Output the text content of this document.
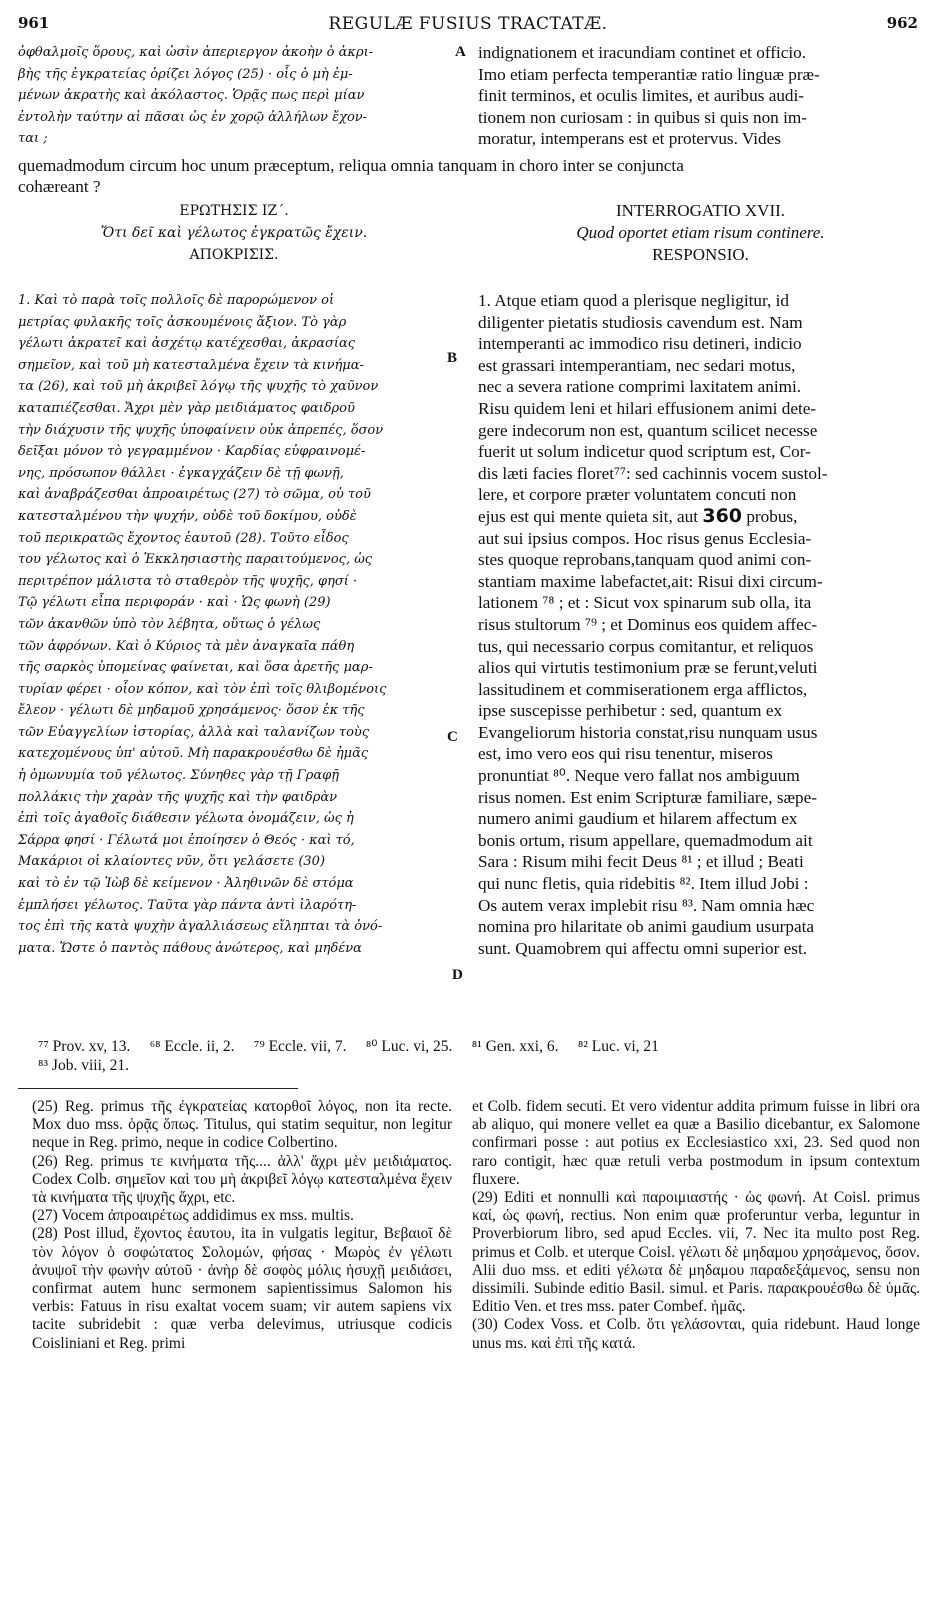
961	REGULÆ FUSIUS TRACTATÆ.	962
ὀφθαλμοῖς ὅρους, καὶ ὠσὶν ἀπεριεργον ἀκοὴν ὁ ἀκρι-
βὴς τῆς ἐγκρατείας ὁρίζει λόγος (25) · οἷς ὁ μὴ ἐμ-
μένων ἀκρατὴς καὶ ἀκόλαστος. Ὁρᾷς πως περὶ μίαν
ἐντολὴν ταύτην αἱ πᾶσαι ὡς ἐν χορῷ ἀλλήλων ἔχον-
ται ;
indignationem et iracundiam continet et officio.
Imo etiam perfecta temperantiæ ratio linguæ præ-
finit terminos, et oculis limites, et auribus audi-
tionem non curiosam : in quibus si quis non im-
moratur, intemperans est et protervus. Vides
A
quemadmodum circum hoc unum præceptum, reliqua omnia tanquam in choro inter se conjuncta
cohæreant ?
ΕΡΩΤΗΣΙΣ ΙΖ΄.
Ὅτι δεῖ καὶ γέλωτος ἐγκρατῶς ἔχειν.
ΑΠΟΚΡΙΣΙΣ.
INTERROGATIO XVII.
Quod oportet etiam risum continere.
RESPONSIO.
1. Καὶ τὸ παρὰ τοῖς πολλοῖς δὲ παρορώμενον οἱ
μετρίας φυλακῆς τοῖς ἀσκουμένοις ἄξιον. Τὸ γὰρ
γέλωτι ἀκρατεῖ καὶ ἀσχέτῳ κατέχεσθαι, ἀκρασίας
σημεῖον, καὶ τοῦ μὴ κατεσταλμένα ἔχειν τὰ κινήμα-
τα (26), καὶ τοῦ μὴ ἀκριβεῖ λόγῳ τῆς ψυχῆς τὸ χαῦνον
καταπιέζεσθαι. Ἄχρι μὲν γὰρ μειδιάματος φαιδροῦ
τὴν διάχυσιν τῆς ψυχῆς ὑποφαίνειν οὐκ ἀπρεπές, ὅσον
δεῖξαι μόνον τὸ γεγραμμένον · Καρδίας εὐφραινομέ-
νης, πρόσωπον θάλλει · ἐγκαγχάζειν δὲ τῇ φωνῇ,
καὶ ἀναβράζεσθαι ἀπροαιρέτως (27) τὸ σῶμα, οὐ τοῦ
κατεσταλμένου τὴν ψυχήν, οὐδὲ τοῦ δοκίμου, οὐδὲ
τοῦ περικρατῶς ἔχοντος ἑαυτοῦ (28). Τοῦτο εἶδος
του γέλωτος καὶ ὁ Ἐκκλησιαστὴς παραιτούμενος, ὡς
περιτρέπον μάλιστα τὸ σταθερὸν τῆς ψυχῆς, φησί ·
Τῷ γέλωτι εἶπα περιφοράν · καὶ · Ὡς φωνὴ (29)
τῶν ἀκανθῶν ὑπὸ τὸν λέβητα, οὕτως ὁ γέλως
τῶν ἀφρόνων. Καὶ ὁ Κύριος τὰ μὲν ἀναγκαῖα πάθη
τῆς σαρκὸς ὑπομείνας φαίνεται, καὶ ὅσα ἀρετῆς μαρ-
τυρίαν φέρει · οἷον κόπον, καὶ τὸν ἐπὶ τοῖς θλιβομένοις
ἔλεον · γέλωτι δὲ μηδαμοῦ χρησάμενος· ὅσον ἐκ τῆς
τῶν Εὐαγγελίων ἱστορίας, ἀλλὰ καὶ ταλανίζων τοὺς
κατεχομένους ὑπ' αὐτοῦ. Μὴ παρακρουέσθω δὲ ἡμᾶς
ἡ ὁμωνυμία τοῦ γέλωτος. Σύνηθες γὰρ τῇ Γραφῇ
πολλάκις τὴν χαρὰν τῆς ψυχῆς καὶ τὴν φαιδρὰν
ἐπὶ τοῖς ἀγαθοῖς διάθεσιν γέλωτα ὀνομάζειν, ὡς ἡ
Σάρρα φησί · Γέλωτά μοι ἐποίησεν ὁ Θεός · καὶ τό,
Μακάριοι οἱ κλαίοντες νῦν, ὅτι γελάσετε (30)
καὶ τὸ ἐν τῷ Ἰὼβ δὲ κείμενον · Ἀληθινῶν δὲ στόμα
ἐμπλήσει γέλωτος. Ταῦτα γὰρ πάντα ἀντὶ ἱλαρότη-
τος ἐπὶ τῆς κατὰ ψυχὴν ἀγαλλιάσεως εἴληπται τὰ ὀνό-
ματα. Ὥστε ὁ παντὸς πάθους ἀνώτερος, καὶ μηδένα
1. Atque etiam quod a plerisque negligitur, id
diligenter pietatis studiosis cavendum est. Nam
intemperanti ac immodico risu detineri, indicio
est grassari intemperantiam, nec sedari motus,
nec a severa ratione comprimi laxitatem animi.
Risu quidem leni et hilari effusionem animi dete-
gere indecorum non est, quantum scilicet necesse
fuerit ut solum indicetur quod scriptum est, Cor-
dis læti facies floret⁷⁷: sed cachinnis vocem sustol-
lere, et corpore præter voluntatem concuti non
ejus est qui mente quieta sit, aut 360 probus,
aut sui ipsius compos. Hoc risus genus Ecclesia-
stes quoque reprobans,tanquam quod animi con-
stantiam maxime labefactet,ait: Risui dixi circum-
lationem ⁷⁸ ; et : Sicut vox spinarum sub olla, ita
risus stultorum ⁷⁹ ; et Dominus eos quidem affec-
tus, qui necessario corpus comitantur, et reliquos
alios qui virtutis testimonium præ se ferunt,veluti
lassitudinem et commiserationem erga afflictos,
ipse suscepisse perhibetur : sed, quantum ex
Evangeliorum historia constat,risu nunquam usus
est, imo vero eos qui risu tenentur, miseros
pronuntiat ⁸⁰. Neque vero fallat nos ambiguum
risus nomen. Est enim Scripturæ familiare, sæpe-
numero animi gaudium et hilarem affectum ex
bonis ortum, risum appellare, quemadmodum ait
Sara : Risum mihi fecit Deus ⁸¹ ; et illud ; Beati
qui nunc fletis, quia ridebitis ⁸². Item illud Jobi :
Os autem verax implebit risu ⁸³. Nam omnia hæc
nomina pro hilaritate ob animi gaudium usurpata
sunt. Quamobrem qui affectu omni superior est.
B
C
D
⁷⁷ Prov. xv, 13.     ⁶⁸ Eccle. ii, 2.     ⁷⁹ Eccle. vii, 7.     ⁸⁰ Luc. vi, 25.     ⁸¹ Gen. xxi, 6.     ⁸² Luc. vi, 21
⁸³ Job. viii, 21.

(25) Reg. primus τῆς ἐγκρατείας κατορθοῖ λόγος, non ita recte. Mox duo mss. ὁρᾷς ὅπως. Titulus, qui statim sequitur, non legitur neque in Reg. primo, neque in codice Colbertino.

(26) Reg. primus τε κινήματα τῆς.... ἀλλ' ἄχρι μὲν μειδιάματος. Codex Colb. σημεῖον καὶ του μὴ ἀκριβεῖ λόγῳ κατεσταλμένα ἔχειν τὰ κινήματα τῆς ψυχῆς ἄχρι, etc.

(27) Vocem ἀπροαιρέτως addidimus ex mss. multis.

(28) Post illud, ἔχοντος ἑαυτου, ita in vulgatis legitur, Βεβαιοῖ δὲ τὸν λόγον ὁ σοφώτατος Σολομών, φήσας · Μωρὸς ἐν γέλωτι ἀνυψοῖ τὴν φωνὴν αὐτοῦ · ἀνὴρ δὲ σοφὸς μόλις ἡσυχῇ μειδιάσει, confirmat autem hunc sermonem sapientissimus Salomon his verbis: Fatuus in risu exaltat vocem suam; vir autem sapiens vix tacite subridebit : quæ verba delevimus, utriusque codicis Coisliniani et Reg. primi

et Colb. fidem secuti. Et vero videntur addita primum fuisse in libri ora ab aliquo, qui monere vellet ea quæ a Basilio dicebantur, ex Salomone confirmari posse : aut potius ex Ecclesiastico xxi, 23. Sed quod non raro contigit, hæc quæ retuli verba postmodum in ipsum contextum fluxere.

(29) Editi et nonnulli καὶ παροιμιαστής · ὡς φωνή. At Coisl. primus καί, ὡς φωνή, rectius. Non enim quæ proferuntur verba, leguntur in Proverbiorum libro, sed apud Eccles. vii, 7. Nec ita multo post Reg. primus et Colb. et uterque Coisl. γέλωτι δὲ μηδαμου χρησάμενος, ὅσον. Alii duo mss. et editi γέλωτα δὲ μηδαμου παραδεξάμενος, sensu non dissimili. Subinde editio Basil. simul. et Paris. παρακρουέσθω δὲ ὑμᾶς. Editio Ven. et tres mss. pater Combef. ἡμᾶς.

(30) Codex Voss. et Colb. ὅτι γελάσονται, quia ridebunt. Haud longe unus ms. καὶ ἐπὶ τῆς κατά.
